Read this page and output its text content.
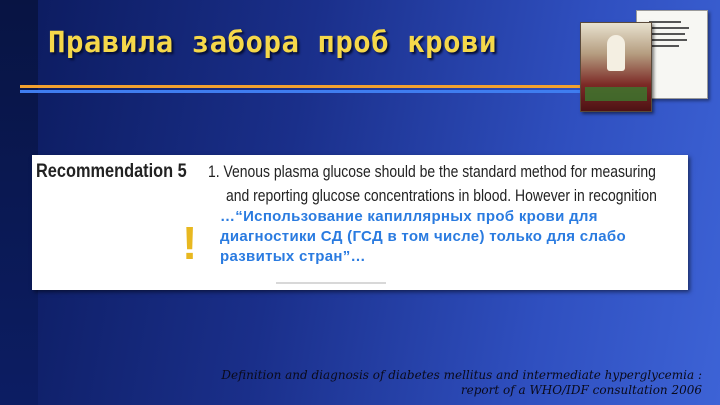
Правила забора проб крови
Recommendation 5 1. Venous plasma glucose should be the standard method for measuring
and reporting glucose concentrations in blood. However in recognition
!
…“Использование капиллярных проб крови для
диагностики СД (ГСД в том числе) только для слабо
развитых стран”…
Definition and diagnosis of diabetes mellitus and intermediate hyperglycemia :
report of a WHO/IDF consultation 2006
